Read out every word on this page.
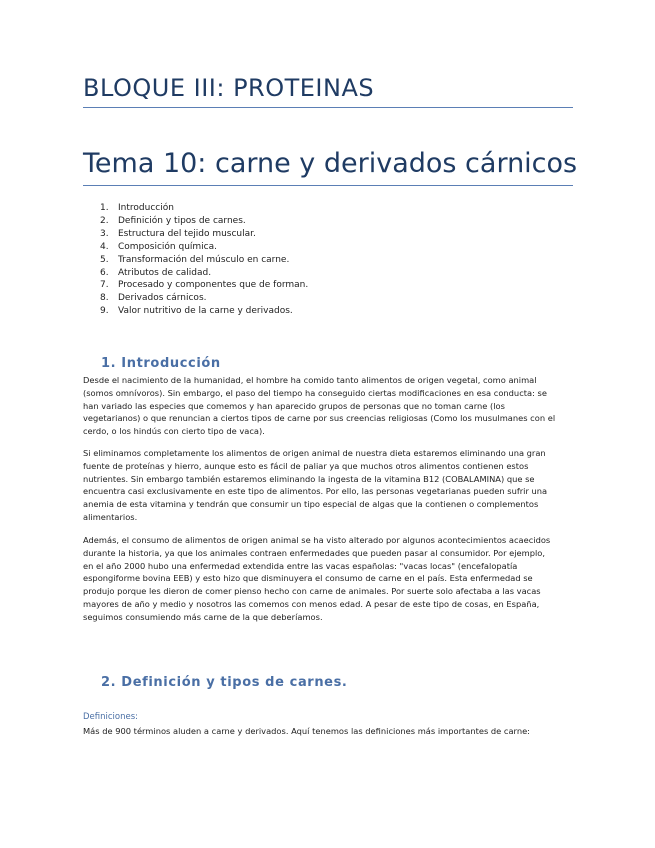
BLOQUE III: PROTEINAS
Tema 10: carne y derivados cárnicos
1.	Introducción
2.	Definición y tipos de carnes.
3.	Estructura del tejido muscular.
4.	Composición química.
5.	Transformación del músculo en carne.
6.	Atributos de calidad.
7.	Procesado y componentes que de forman.
8.	Derivados cárnicos.
9.	Valor nutritivo de la carne y derivados.
1. Introducción

Desde el nacimiento de la humanidad, el hombre ha comido tanto alimentos de origen vegetal, como animal (somos omnívoros). Sin embargo, el paso del tiempo ha conseguido ciertas modificaciones en esa conducta: se han variado las especies que comemos y han aparecido grupos de personas que no toman carne (los vegetarianos) o que renuncian a ciertos tipos de carne por sus creencias religiosas (Como los musulmanes con el cerdo, o los hindús con cierto tipo de vaca).

Si eliminamos completamente los alimentos de origen animal de nuestra dieta estaremos eliminando una gran fuente de proteínas y hierro, aunque esto es fácil de paliar ya que muchos otros alimentos contienen estos nutrientes. Sin embargo también estaremos eliminando la ingesta de la vitamina B12 (COBALAMINA) que se encuentra casi exclusivamente en este tipo de alimentos. Por ello, las personas vegetarianas pueden sufrir una anemia de esta vitamina y tendrán que consumir un tipo especial de algas que la contienen o complementos alimentarios.

Además, el consumo de alimentos de origen animal se ha visto alterado por algunos acontecimientos acaecidos durante la historia, ya que los animales contraen enfermedades que pueden pasar al consumidor. Por ejemplo, en el año 2000 hubo una enfermedad extendida entre las vacas españolas: "vacas locas" (encefalopatía espongiforme bovina EEB) y esto hizo que disminuyera el consumo de carne en el país. Esta enfermedad se produjo porque les dieron de comer pienso hecho con carne de animales. Por suerte solo afectaba a las vacas mayores de año y medio y nosotros las comemos con menos edad. A pesar de este tipo de cosas, en España, seguimos consumiendo más carne de la que deberíamos.

2. Definición y tipos de carnes.

Definiciones:

Más de 900 términos aluden a carne y derivados. Aquí tenemos las definiciones más importantes de carne:
